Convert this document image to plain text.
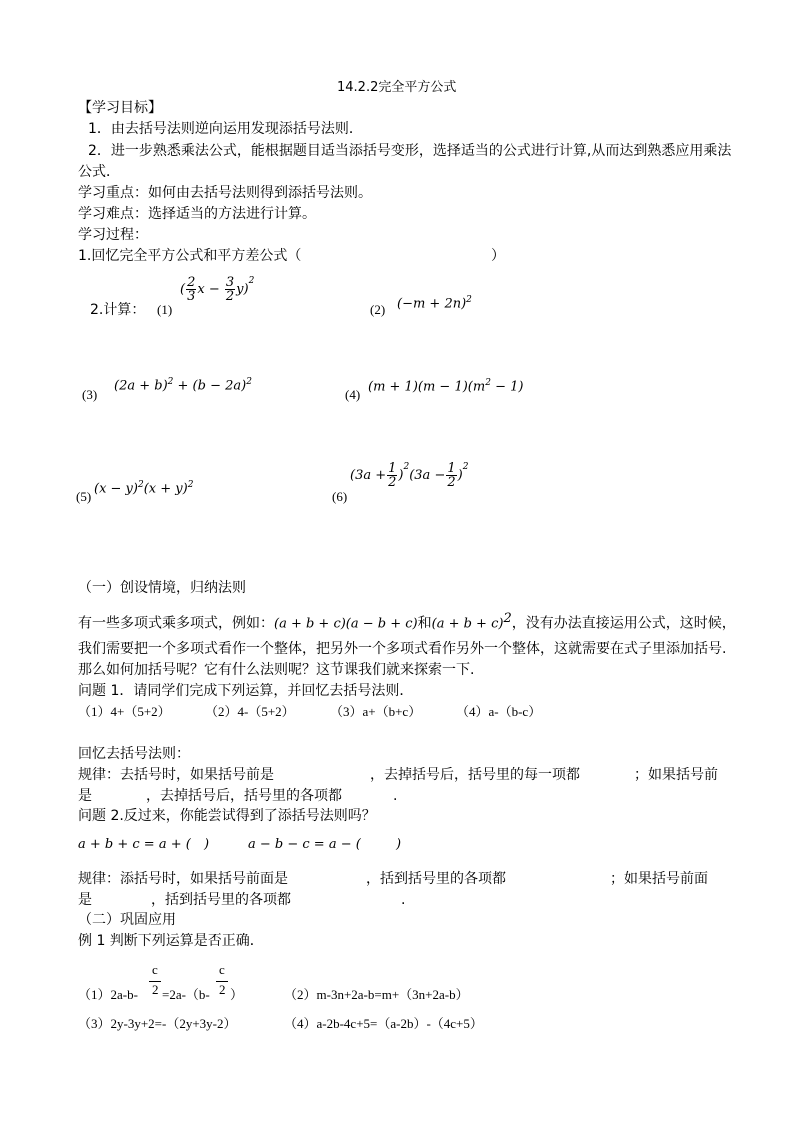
14.2.2完全平方公式
【学习目标】
1．由去括号法则逆向运用发现添括号法则．
2．进一步熟悉乘法公式，能根据题目适当添括号变形，选择适当的公式进行计算,从而达到熟悉应用乘法
公式．
学习重点：如何由去括号法则得到添括号法则。
学习难点：选择适当的方法进行计算。
学习过程：
1.回忆完全平方公式和平方差公式（	）
2.计算： (1)
( $\frac{2}{3}$ x
−
$\frac{3}{2}$ y )
$^2$
(2) $(-m + 2n)^2$
(3)
$(2a + b)^2 + (b - 2a)^2$
(4)
$(m + 1)(m - 1)(m^2 - 1)$
(5)
$(x - y)^2(x + y)^2$
(6)
($3a + \frac{1}{2}$ )
$^2$
($3a - \frac{1}{2}$ )
$^2$
（一）创设情境，归纳法则
有一些多项式乘多项式，例如：(a + b + c)(a − b + c)和$(a + b + c)^2$，没有办法直接运用公式，这时候，
我们需要把一个多项式看作一个整体，把另外一个多项式看作另外一个整体，这就需要在式子里添加括号.
那么如何加括号呢？它有什么法则呢？这节课我们就来探索一下.
问题 1．请同学们完成下列运算，并回忆去括号法则．
（1）4+（5+2）	（2）4-（5+2）	（3）a+（b+c）	（4）a-（b-c）
回忆去括号法则：
规律：去括号时，如果括号前是	，去掉括号后，括号里的每一项都	；如果括号前
是	，去掉括号后，括号里的各项都	.
问题 2.反过来，你能尝试得到了添括号法则吗？
a + b + c = a + ( )	a − b − c = a − (	)
规律：添括号时，如果括号前面是	，括到括号里的各项都	；如果括号前面
是	，括到括号里的各项都	.
（二）巩固应用
例 1 判断下列运算是否正确．
c	c
（1）2a-b- 2 =2a-（b- 2 ）	（2）m-3n+2a-b=m+（3n+2a-b）
（3）2y-3y+2=-（2y+3y-2）	（4）a-2b-4c+5=（a-2b）-（4c+5）
